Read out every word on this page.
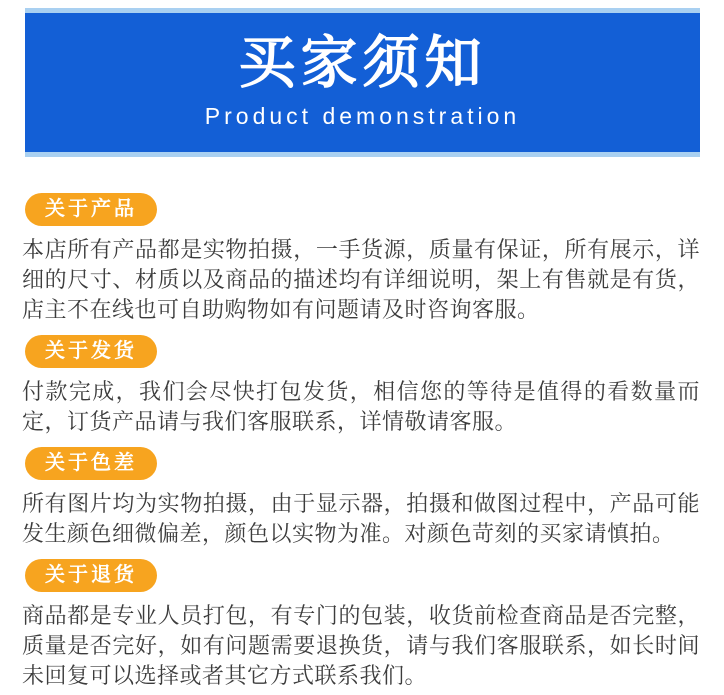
买家须知
Product demonstration
关于产品

本店所有产品都是实物拍摄，一手货源，质量有保证，所有展示，详细的尺寸、材质以及商品的描述均有详细说明，架上有售就是有货，店主不在线也可自助购物如有问题请及时咨询客服。

关于发货

付款完成，我们会尽快打包发货，相信您的等待是值得的看数量而定，订货产品请与我们客服联系，详情敬请客服。

关于色差

所有图片均为实物拍摄，由于显示器，拍摄和做图过程中，产品可能发生颜色细微偏差，颜色以实物为准。对颜色苛刻的买家请慎拍。

关于退货

商品都是专业人员打包，有专门的包装，收货前检查商品是否完整，质量是否完好，如有问题需要退换货，请与我们客服联系，如长时间未回复可以选择或者其它方式联系我们。
